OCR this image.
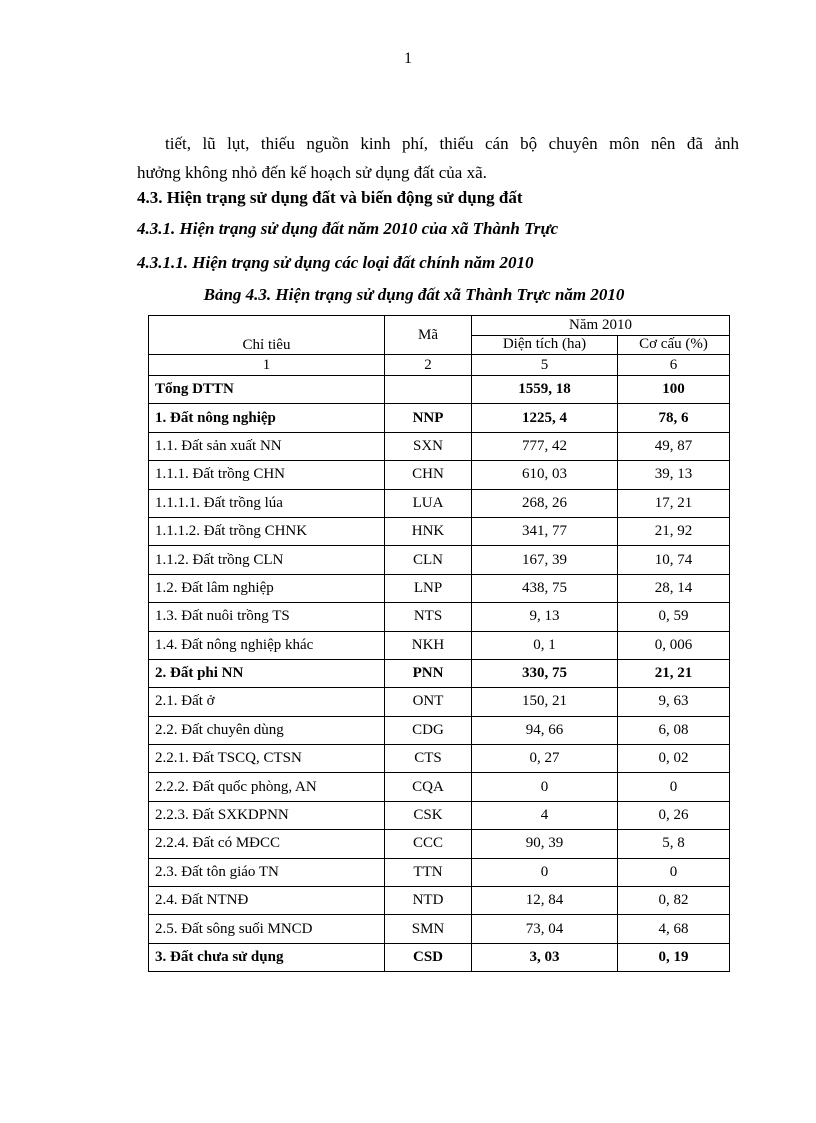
1
tiết, lũ lụt, thiếu nguồn kinh phí, thiếu cán bộ chuyên môn nên đã ảnh
hưởng không nhỏ đến kế hoạch sử dụng đất của xã.
4.3. Hiện trạng sử dụng đất và biến động sử dụng đất
4.3.1. Hiện trạng sử dụng đất năm 2010 của xã Thành Trực
4.3.1.1. Hiện trạng sử dụng các loại đất chính năm 2010
Bảng 4.3. Hiện trạng sử dụng đất xã Thành Trực năm 2010
Chỉ tiêu	Mã	Năm 2010	
		Diện tích (ha)	Cơ cấu (%)
1	2	5	6
Tổng DTTN		1559, 18	100
1. Đất nông nghiệp	NNP	1225, 4	78, 6
1.1. Đất sản xuất NN	SXN	777, 42	49, 87
1.1.1. Đất trồng CHN	CHN	610, 03	39, 13
1.1.1.1. Đất trồng lúa	LUA	268, 26	17, 21
1.1.1.2. Đất trồng CHNK	HNK	341, 77	21, 92
1.1.2. Đất trồng CLN	CLN	167, 39	10, 74
1.2. Đất lâm nghiệp	LNP	438, 75	28, 14
1.3. Đất nuôi trồng TS	NTS	9, 13	0, 59
1.4. Đất nông nghiệp khác	NKH	0, 1	0, 006
2. Đất phi NN	PNN	330, 75	21, 21
2.1. Đất ở	ONT	150, 21	9, 63
2.2. Đất chuyên dùng	CDG	94, 66	6, 08
2.2.1. Đất TSCQ, CTSN	CTS	0, 27	0, 02
2.2.2. Đất quốc phòng, AN	CQA	0	0
2.2.3. Đất SXKDPNN	CSK	4	0, 26
2.2.4. Đất có MĐCC	CCC	90, 39	5, 8
2.3. Đất tôn giáo TN	TTN	0	0
2.4. Đất NTNĐ	NTD	12, 84	0, 82
2.5. Đất sông suối MNCD	SMN	73, 04	4, 68
3. Đất chưa sử dụng	CSD	3, 03	0, 19
